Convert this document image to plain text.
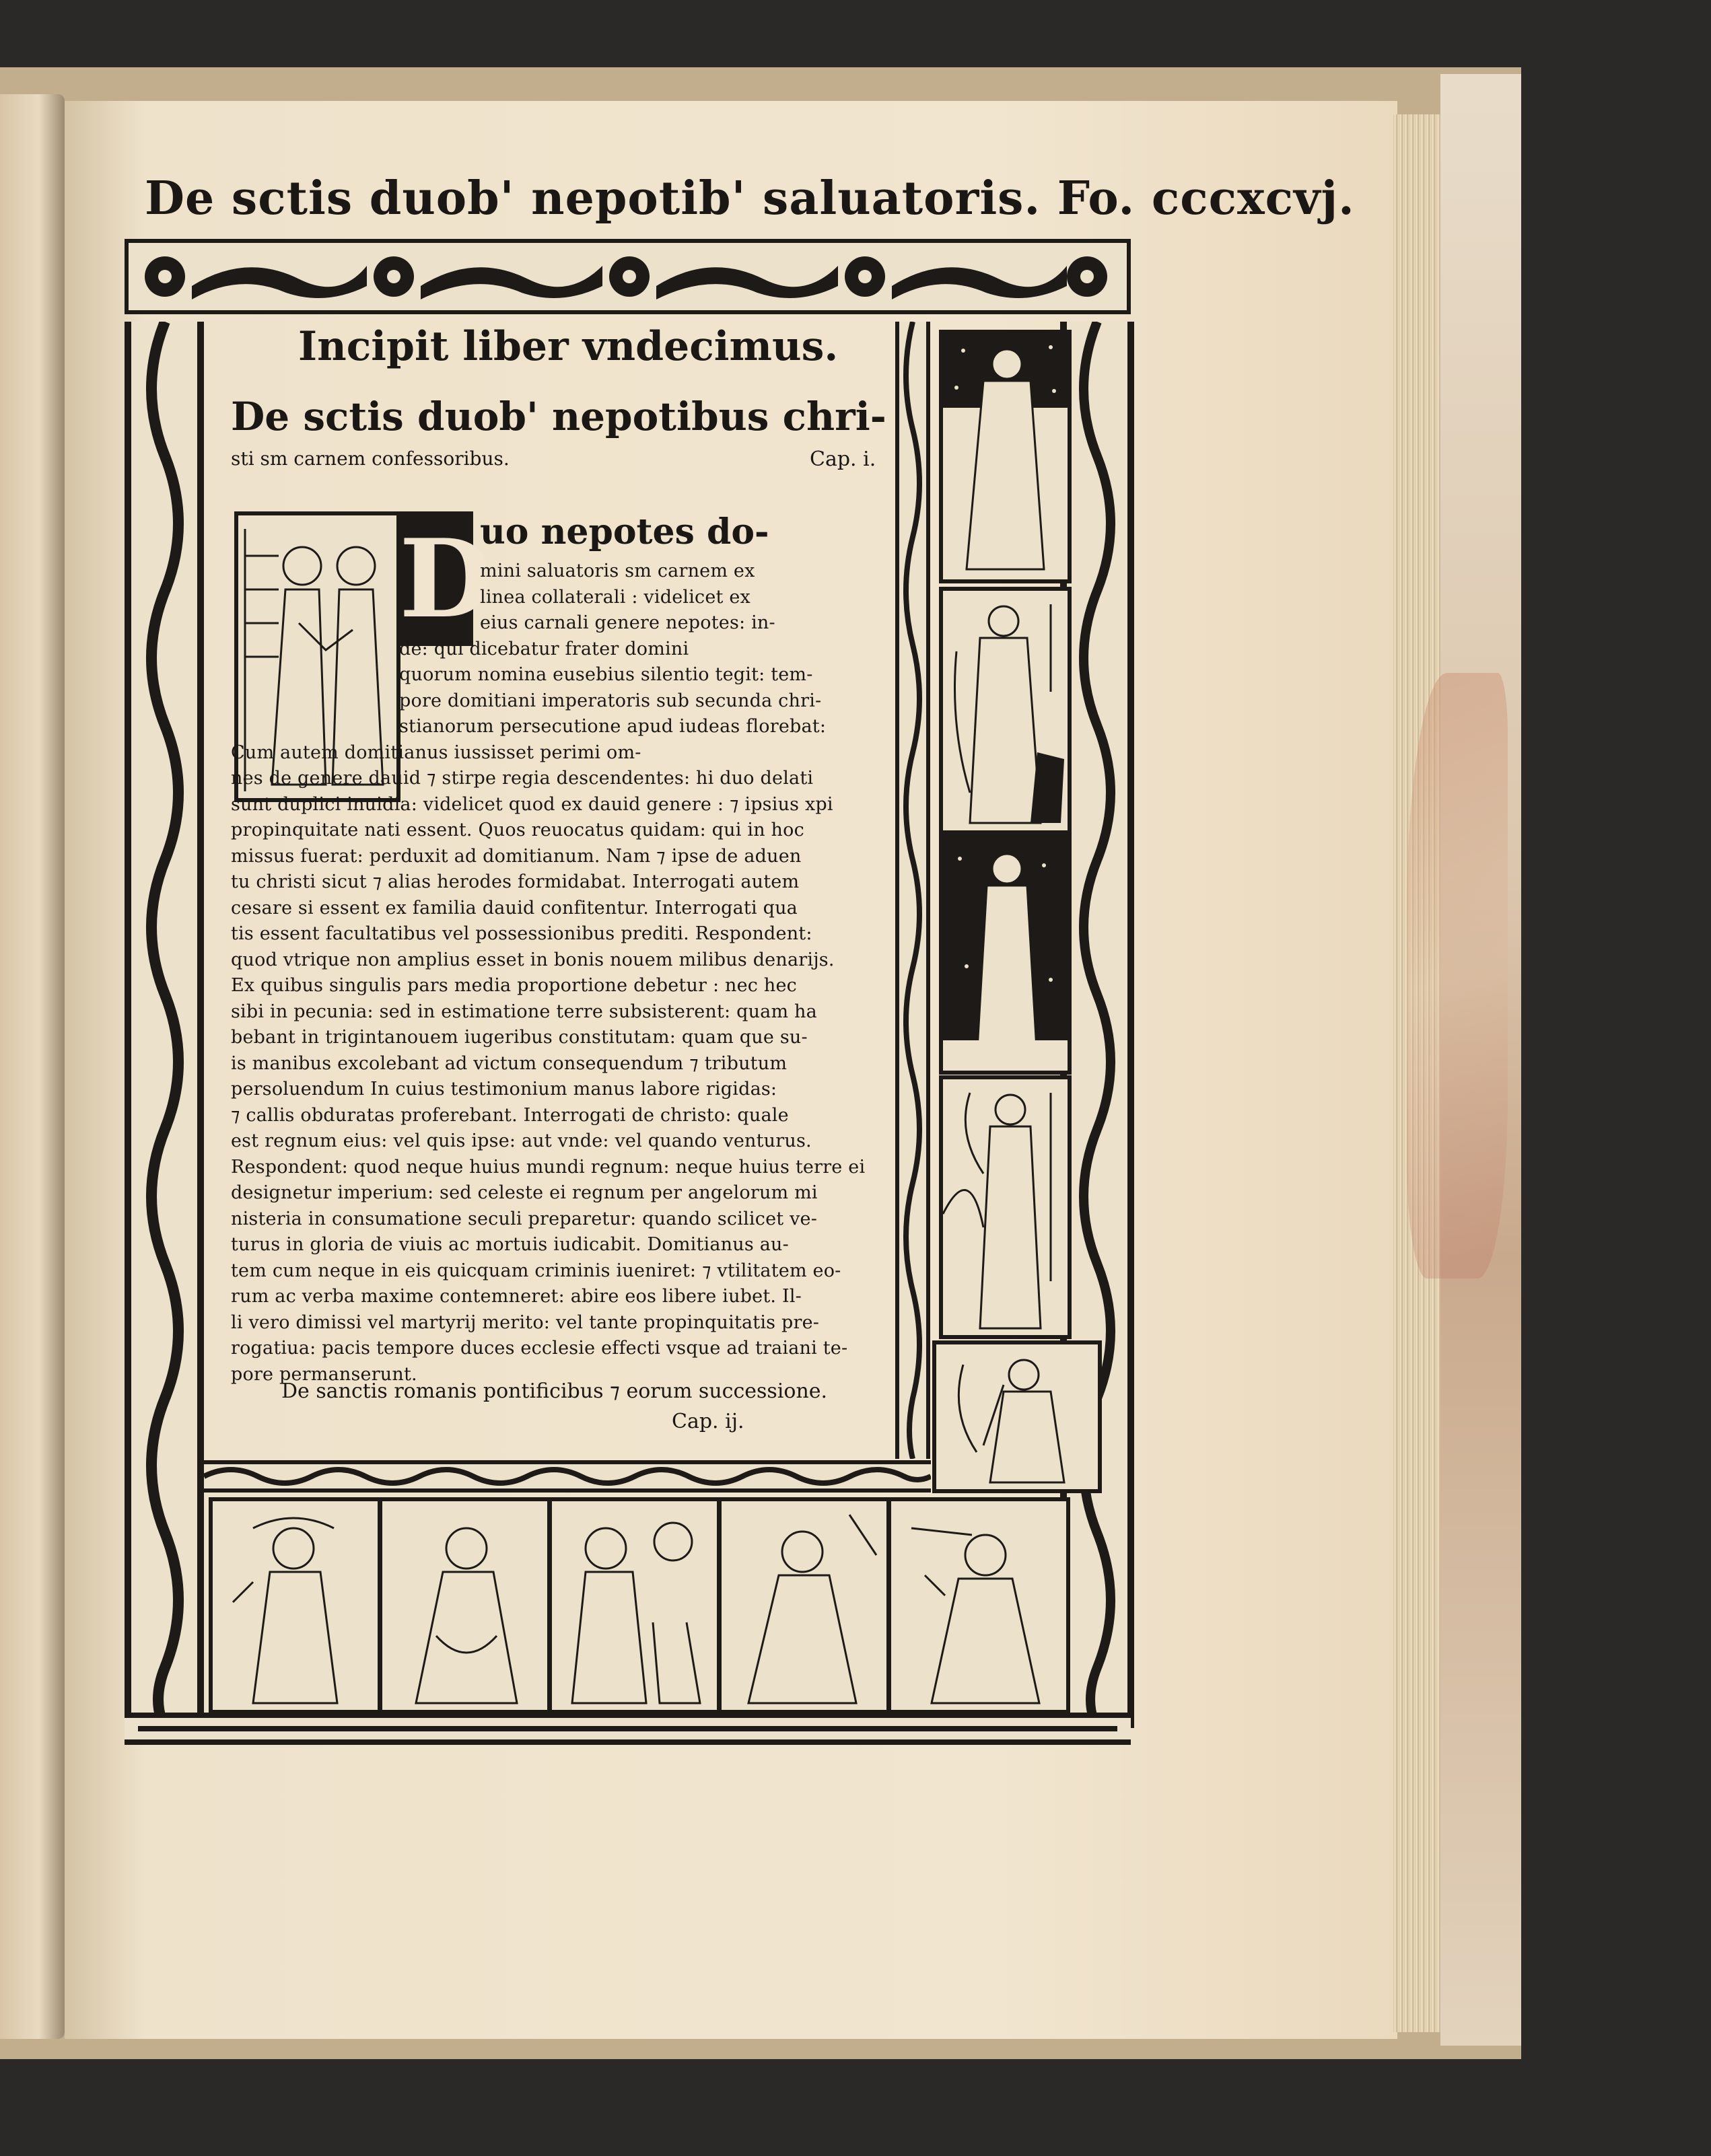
De sctis duob' nepotib' saluatoris. Fo. cccxcvj.
Incipit liber vndecimus.
De sctis duob' nepotibus chri-
sti sm carnem confessoribus.	Cap. i.
D
uo nepotes do-
mini saluatoris sm carnem ex
linea collaterali : videlicet ex
eius carnali genere nepotes: in-
de: qui dicebatur frater domini
quorum nomina eusebius silentio tegit: tem-
pore domitiani imperatoris sub secunda chri-
stianorum persecutione apud iudeas florebat:
Cum autem domitianus iussisset perimi om-
nes de genere dauid ⁊ stirpe regia descendentes: hi duo delati
sunt duplici inuidia: videlicet quod ex dauid genere : ⁊ ipsius xpi
propinquitate nati essent. Quos reuocatus quidam: qui in hoc
missus fuerat: perduxit ad domitianum. Nam ⁊ ipse de aduen
tu christi sicut ⁊ alias herodes formidabat. Interrogati autem
cesare si essent ex familia dauid confitentur. Interrogati qua
tis essent facultatibus vel possessionibus prediti. Respondent:
quod vtrique non amplius esset in bonis nouem milibus denarijs.
Ex quibus singulis pars media proportione debetur : nec hec
sibi in pecunia: sed in estimatione terre subsisterent: quam ha
bebant in trigintanouem iugeribus constitutam: quam que su-
is manibus excolebant ad victum consequendum ⁊ tributum
persoluendum In cuius testimonium manus labore rigidas:
⁊ callis obduratas proferebant. Interrogati de christo: quale
est regnum eius: vel quis ipse: aut vnde: vel quando venturus.
Respondent: quod neque huius mundi regnum: neque huius terre ei
designetur imperium: sed celeste ei regnum per angelorum mi
nisteria in consumatione seculi preparetur: quando scilicet ve-
turus in gloria de viuis ac mortuis iudicabit. Domitianus au-
tem cum neque in eis quicquam criminis iueniret: ⁊ vtilitatem eo-
rum ac verba maxime contemneret: abire eos libere iubet. Il-
li vero dimissi vel martyrij merito: vel tante propinquitatis pre-
rogatiua: pacis tempore duces ecclesie effecti vsque ad traiani te-
pore permanserunt.
De sanctis romanis pontificibus ⁊ eorum successione.
Cap. ij.
